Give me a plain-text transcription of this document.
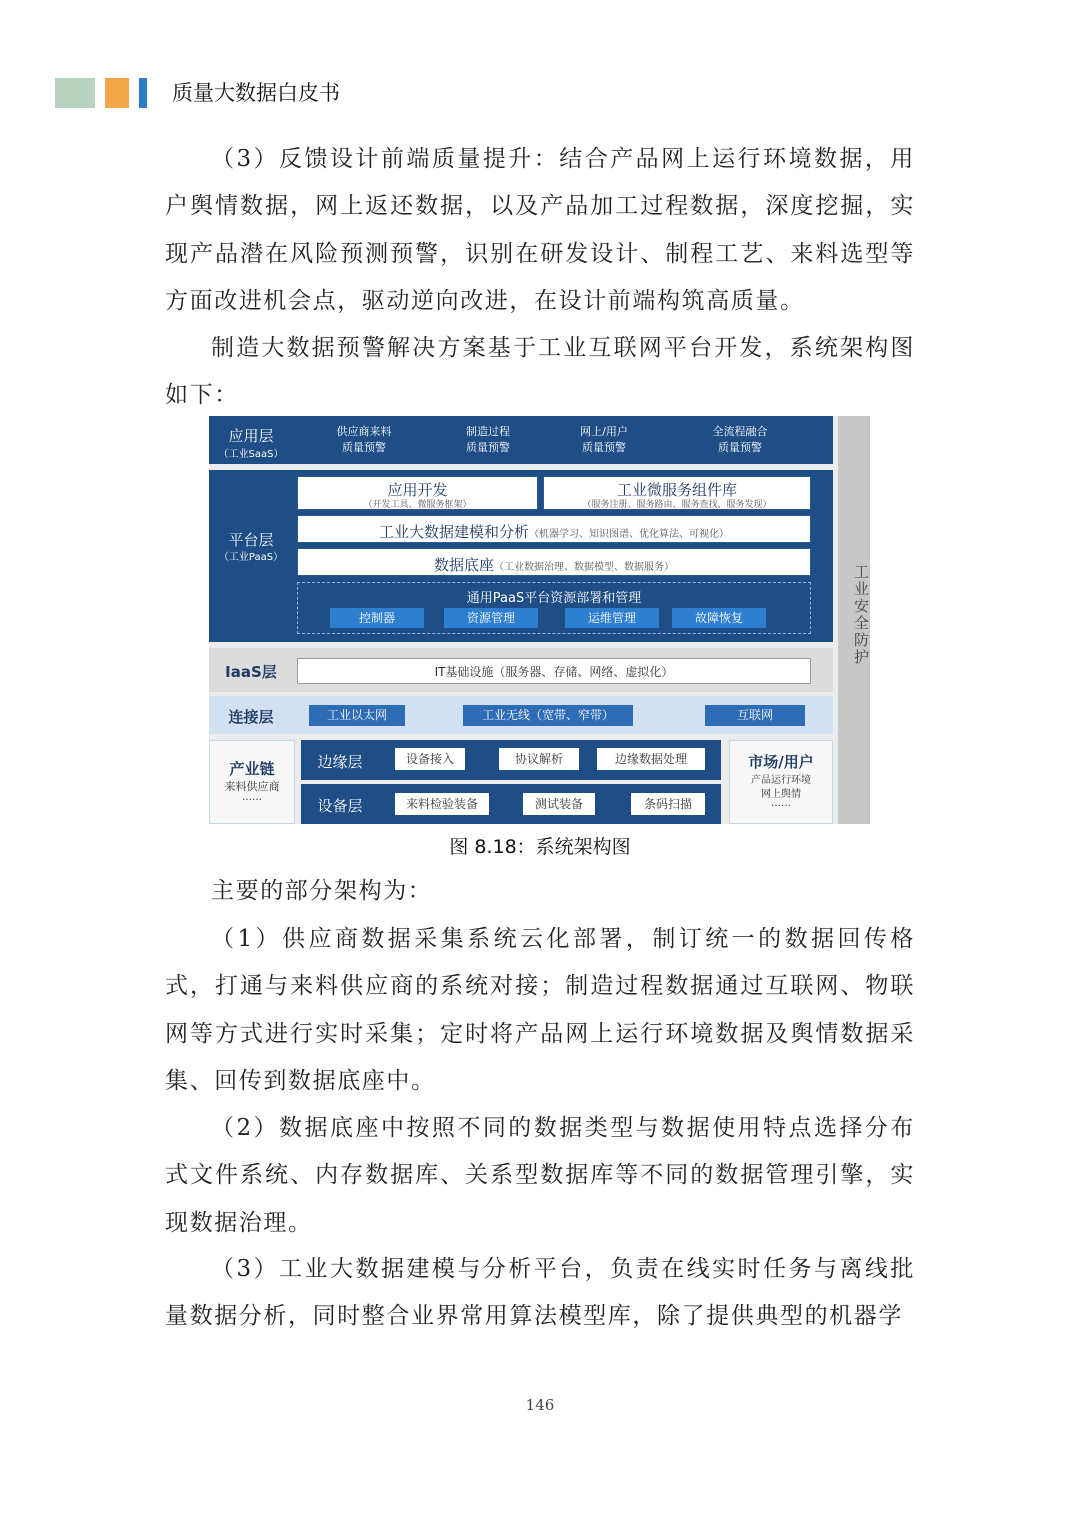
质量大数据白皮书

（3）反馈设计前端质量提升：结合产品网上运行环境数据，用户舆情数据，网上返还数据，以及产品加工过程数据，深度挖掘，实现产品潜在风险预测预警，识别在研发设计、制程工艺、来料选型等方面改进机会点，驱动逆向改进，在设计前端构筑高质量。

制造大数据预警解决方案基于工业互联网平台开发，系统架构图如下：

应用层
（工业SaaS）
供应商来料
质量预警
制造过程
质量预警
网上/用户
质量预警
全流程融合
质量预警
平台层
（工业PaaS）
应用开发
（开发工具、微服务框架）
工业微服务组件库
（服务注册、服务路由、服务查找、服务发现）
工业大数据建模和分析（机器学习、知识图谱、优化算法、可视化）
数据底座（工业数据治理、数据模型、数据服务）
通用PaaS平台资源部署和管理
控制器	资源管理	运维管理	故障恢复
IaaS层	IT基础设施（服务器、存储、网络、虚拟化）
连接层	工业以太网	工业无线（宽带、窄带）	互联网
产业链
来料供应商
……
边缘层	设备接入	协议解析	边缘数据处理
设备层	来料检验装备	测试装备	条码扫描
市场/用户
产品运行环境
网上舆情
……
工业安全防护
图 8.18：系统架构图

主要的部分架构为：

（1）供应商数据采集系统云化部署，制订统一的数据回传格式，打通与来料供应商的系统对接；制造过程数据通过互联网、物联网等方式进行实时采集；定时将产品网上运行环境数据及舆情数据采集、回传到数据底座中。

（2）数据底座中按照不同的数据类型与数据使用特点选择分布式文件系统、内存数据库、关系型数据库等不同的数据管理引擎，实现数据治理。

（3）工业大数据建模与分析平台，负责在线实时任务与离线批量数据分析，同时整合业界常用算法模型库，除了提供典型的机器学

146
